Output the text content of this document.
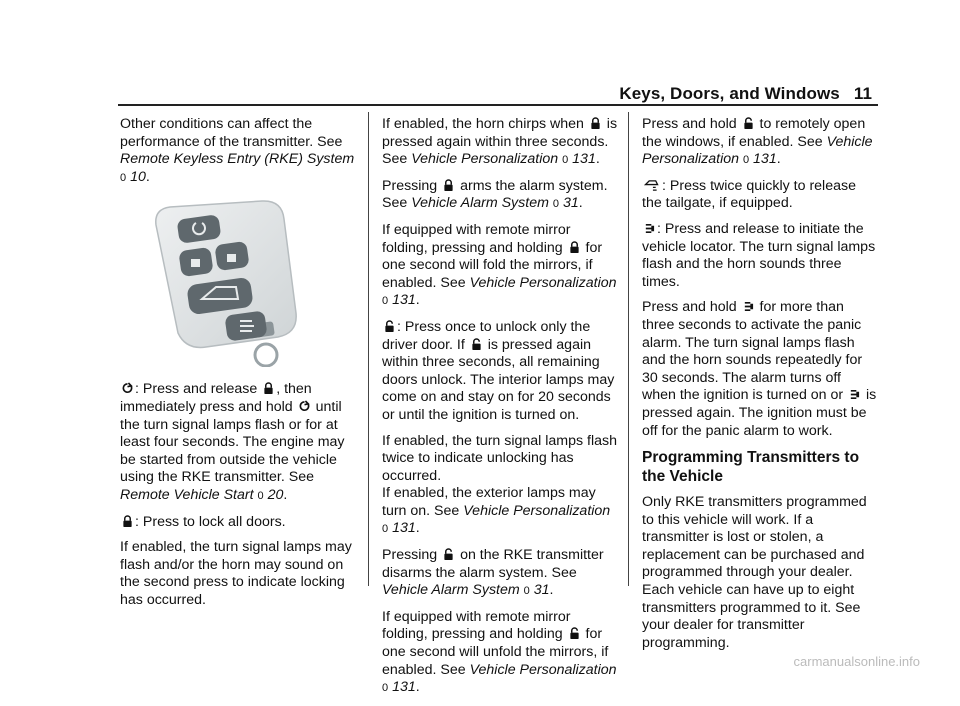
Keys, Doors, and Windows 11

Other conditions can affect the performance of the transmitter. See Remote Keyless Entry (RKE) System 0 10.

: Press and release , then immediately press and hold  until the turn signal lamps flash or for at least four seconds. The engine may be started from outside the vehicle using the RKE transmitter. See Remote Vehicle Start 0 20.

: Press to lock all doors.

If enabled, the turn signal lamps may flash and/or the horn may sound on the second press to indicate locking has occurred.

If enabled, the horn chirps when  is pressed again within three seconds. See Vehicle Personalization 0 131.

Pressing  arms the alarm system. See Vehicle Alarm System 0 31.

If equipped with remote mirror folding, pressing and holding  for one second will fold the mirrors, if enabled. See Vehicle Personalization 0 131.

: Press once to unlock only the driver door. If  is pressed again within three seconds, all remaining doors unlock. The interior lamps may come on and stay on for 20 seconds or until the ignition is turned on.

If enabled, the turn signal lamps flash twice to indicate unlocking has occurred.
If enabled, the exterior lamps may turn on. See Vehicle Personalization 0 131.

Pressing  on the RKE transmitter disarms the alarm system. See Vehicle Alarm System 0 31.

If equipped with remote mirror folding, pressing and holding  for one second will unfold the mirrors, if enabled. See Vehicle Personalization 0 131.

Press and hold  to remotely open the windows, if enabled. See Vehicle Personalization 0 131.

: Press twice quickly to release the tailgate, if equipped.

: Press and release to initiate the vehicle locator. The turn signal lamps flash and the horn sounds three times.

Press and hold  for more than three seconds to activate the panic alarm. The turn signal lamps flash and the horn sounds repeatedly for 30 seconds. The alarm turns off when the ignition is turned on or  is pressed again. The ignition must be off for the panic alarm to work.

Programming Transmitters to the Vehicle

Only RKE transmitters programmed to this vehicle will work. If a transmitter is lost or stolen, a replacement can be purchased and programmed through your dealer. Each vehicle can have up to eight transmitters programmed to it. See your dealer for transmitter programming.

carmanualsonline.info
